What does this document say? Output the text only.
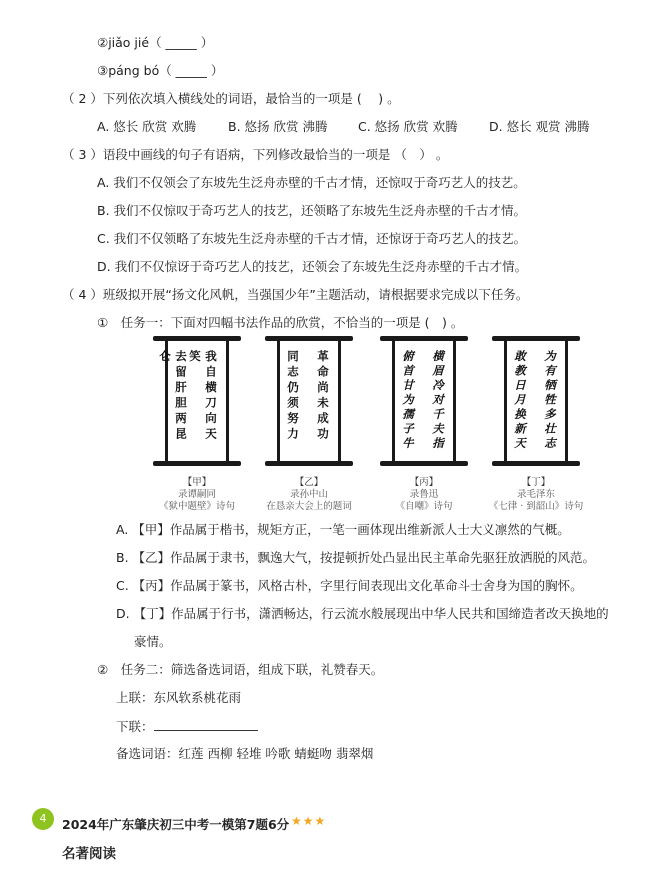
②jiǎo jié（ _____ ）
③páng bó（ _____ ）
（ 2 ）下列依次填入横线处的词语，最恰当的一项是 (　 ) 。
A. 悠长 欣赏 欢腾	B. 悠扬 欣赏 沸腾 C. 悠扬 欣赏 欢腾	D. 悠长 观赏 沸腾
（ 3 ）语段中画线的句子有语病，下列修改最恰当的一项是 （　） 。
A. 我们不仅领会了东坡先生泛舟赤壁的千古才情，还惊叹于奇巧艺人的技艺。
B. 我们不仅惊叹于奇巧艺人的技艺，还领略了东坡先生泛舟赤壁的千古才情。
C. 我们不仅领略了东坡先生泛舟赤壁的千古才情，还惊讶于奇巧艺人的技艺。
D. 我们不仅惊讶于奇巧艺人的技艺，还领会了东坡先生泛舟赤壁的千古才情。
（ 4 ）班级拟开展“扬文化风帆，当强国少年”主题活动，请根据要求完成以下任务。
①　任务一：下面对四幅书法作品的欣赏，不恰当的一项是 (　) 。
我自横刀向天笑
去留肝胆两昆仑	革命尚未成功
同志仍须努力	横眉冷对千夫指
俯首甘为孺子牛	为有牺牲多壮志
敢教日月换新天
【甲】
录谭嗣同
《狱中题壁》诗句
【乙】
录孙中山
在恳亲大会上的题词
【丙】
录鲁迅
《自嘲》诗句
【丁】
录毛泽东
《七律 · 到韶山》诗句
A. 【甲】作品属于楷书，规矩方正，一笔一画体现出维新派人士大义凛然的气概。
B. 【乙】作品属于隶书，飘逸大气，按提顿折处凸显出民主革命先驱狂放洒脱的风范。
C. 【丙】作品属于篆书，风格古朴，字里行间表现出文化革命斗士舍身为国的胸怀。
D. 【丁】作品属于行书，潇洒畅达，行云流水般展现出中华人民共和国缔造者改天换地的
豪情。
②　任务二：筛选备选词语，组成下联，礼赞春天。
上联：东风软系桃花雨
下联：
备选词语：红莲 西柳 轻堆 吟歌 蜻蜓吻 翡翠烟
4	2024年广东肇庆初三中考一模第7题6分 ★★★
名著阅读
